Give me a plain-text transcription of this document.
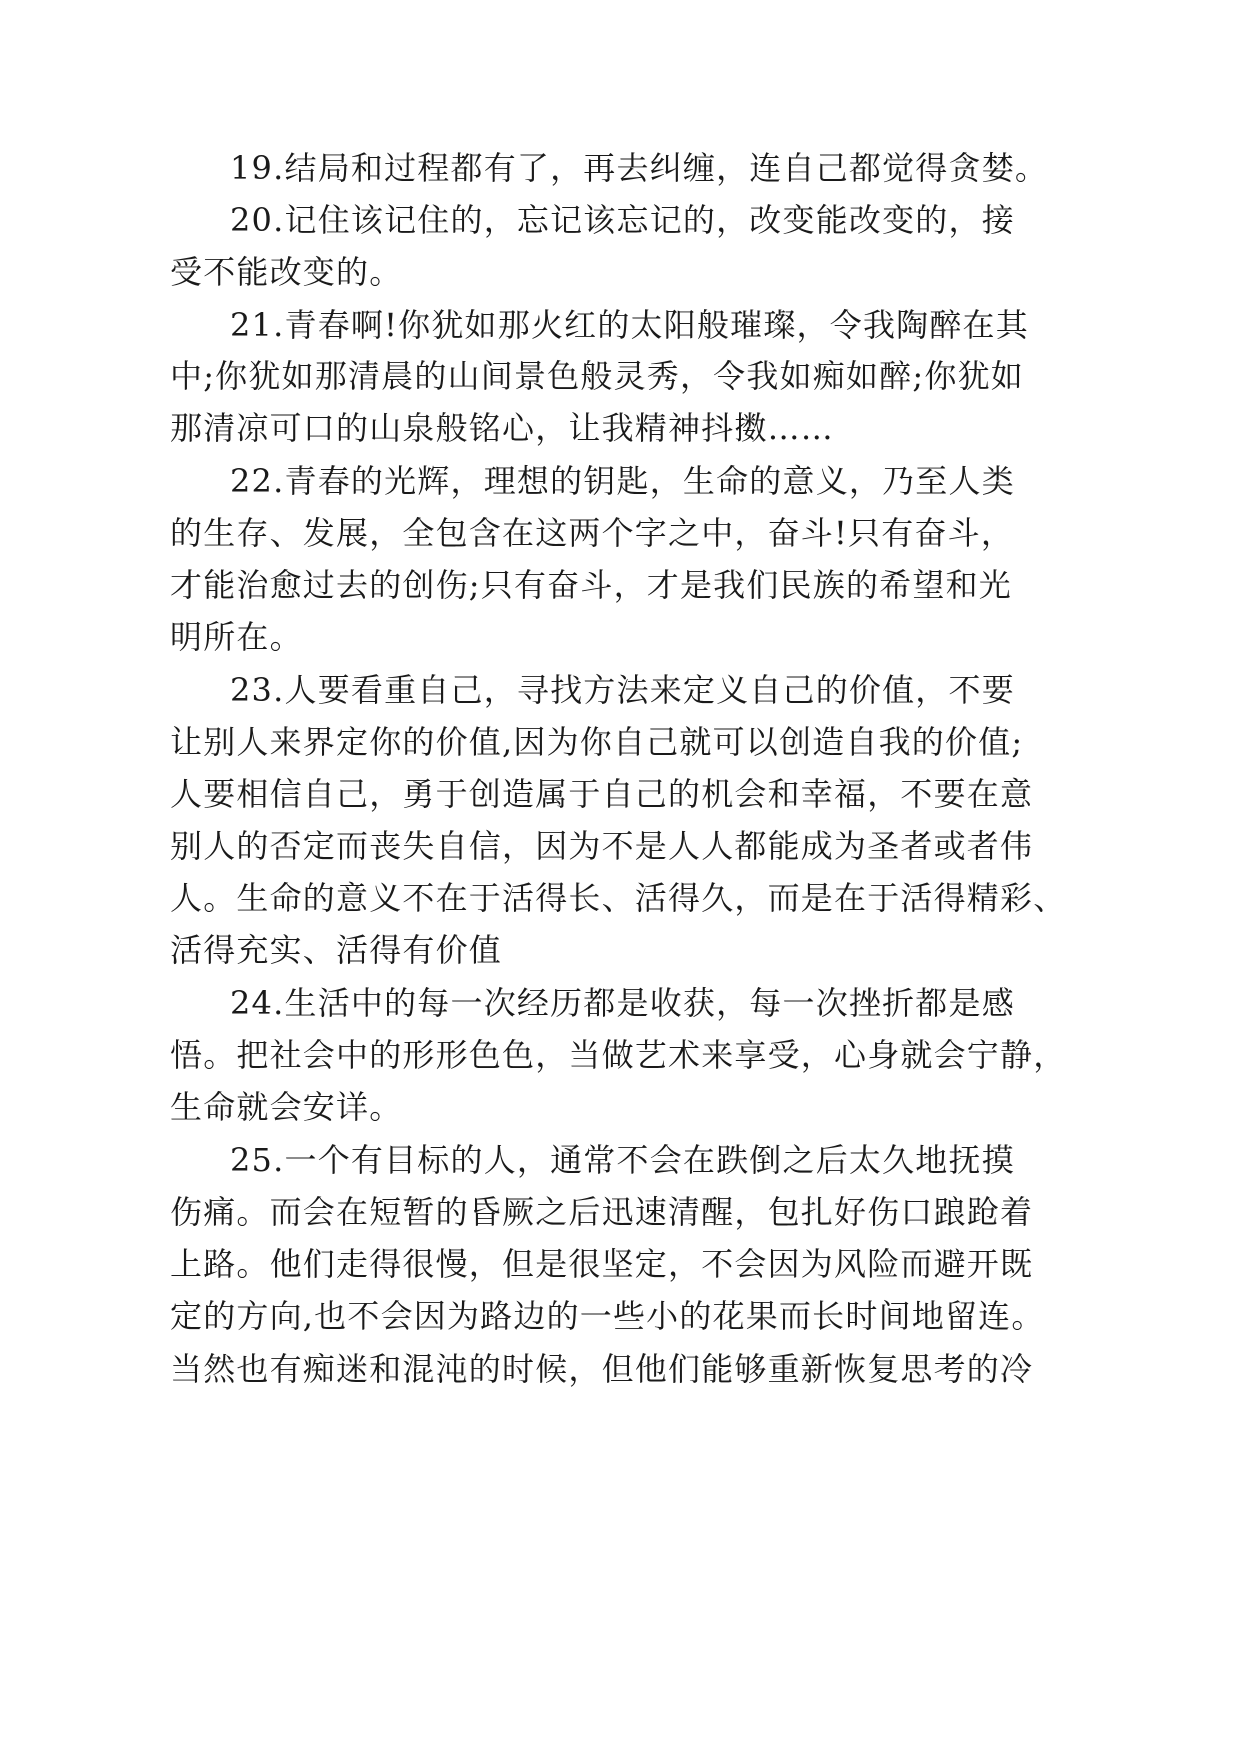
19.结局和过程都有了，再去纠缠，连自己都觉得贪婪。
20.记住该记住的，忘记该忘记的，改变能改变的，接
受不能改变的。
21.青春啊!你犹如那火红的太阳般璀璨，令我陶醉在其
中;你犹如那清晨的山间景色般灵秀，令我如痴如醉;你犹如
那清凉可口的山泉般铭心，让我精神抖擞……
22.青春的光辉，理想的钥匙，生命的意义，乃至人类
的生存、发展，全包含在这两个字之中，奋斗!只有奋斗，
才能治愈过去的创伤;只有奋斗，才是我们民族的希望和光
明所在。
23.人要看重自己，寻找方法来定义自己的价值，不要
让别人来界定你的价值,因为你自己就可以创造自我的价值;
人要相信自己，勇于创造属于自己的机会和幸福，不要在意
别人的否定而丧失自信，因为不是人人都能成为圣者或者伟
人。生命的意义不在于活得长、活得久，而是在于活得精彩、
活得充实、活得有价值
24.生活中的每一次经历都是收获，每一次挫折都是感
悟。把社会中的形形色色，当做艺术来享受，心身就会宁静，
生命就会安详。
25.一个有目标的人，通常不会在跌倒之后太久地抚摸
伤痛。而会在短暂的昏厥之后迅速清醒，包扎好伤口踉跄着
上路。他们走得很慢，但是很坚定，不会因为风险而避开既
定的方向,也不会因为路边的一些小的花果而长时间地留连。
当然也有痴迷和混沌的时候，但他们能够重新恢复思考的冷
